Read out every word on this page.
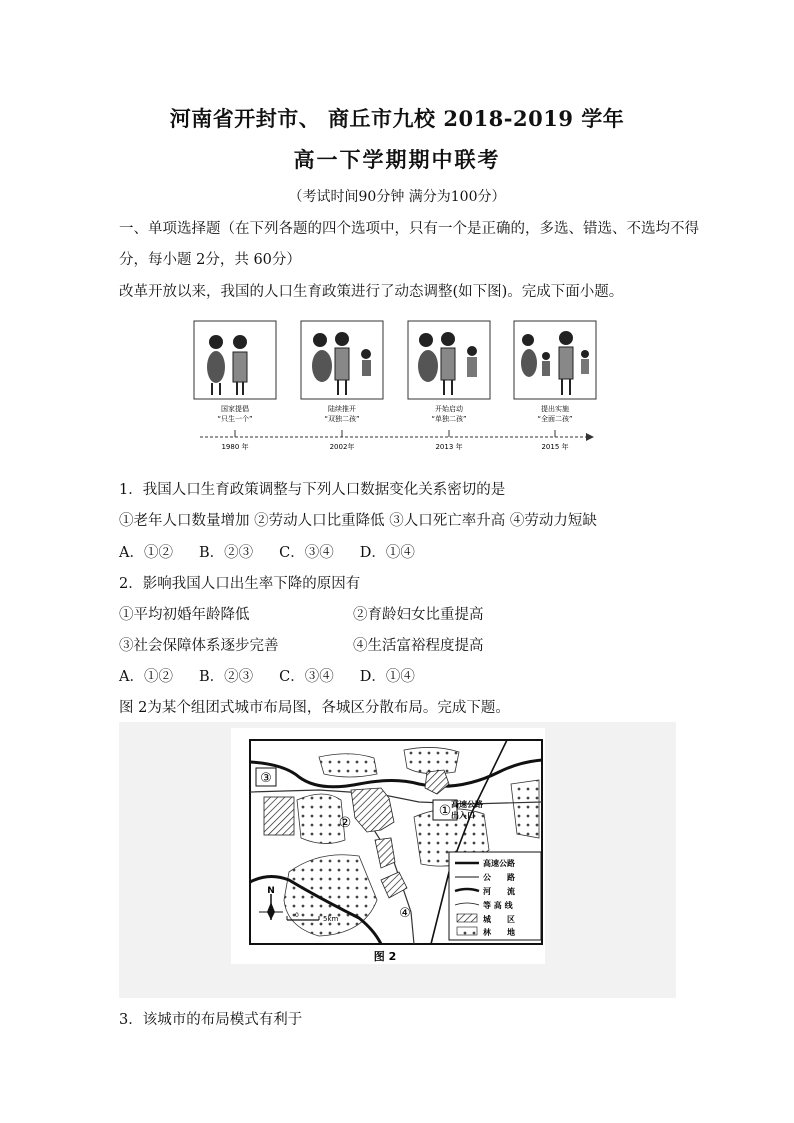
河南省开封市、 商丘市九校 2018-2019 学年
高一下学期期中联考
（考试时间90分钟 满分为100分）
一、单项选择题（在下列各题的四个选项中，只有一个是正确的，多选、错选、不选均不得
分，每小题 2分，共 60分）
改革开放以来，我国的人口生育政策进行了动态调整(如下图)。完成下面小题。
国家提倡
“只生一个”
陆续推开
“双独二孩”
开始启动
“单独二孩”
提出实施
“全面二孩”
1980 年	2002年	2013 年	2015 年
1．我国人口生育政策调整与下列人口数据变化关系密切的是
①老年人口数量增加 ②劳动人口比重降低 ③人口死亡率升高 ④劳动力短缺
A．①② B．②③ C．③④ D．①④
2．影响我国人口出生率下降的原因有
①平均初婚年龄降低	②育龄妇女比重提高
③社会保障体系逐步完善	④生活富裕程度提高
A．①② B．②③ C．③④ D．①④
图 2为某个组团式城市布局图，各城区分散布局。完成下题。
③
②
①
④
高速公路
出入口
高速公路
公　　路
河　　流
等 高 线
城　　区
林　　地
N
0	5km
图 2
3．该城市的布局模式有利于
